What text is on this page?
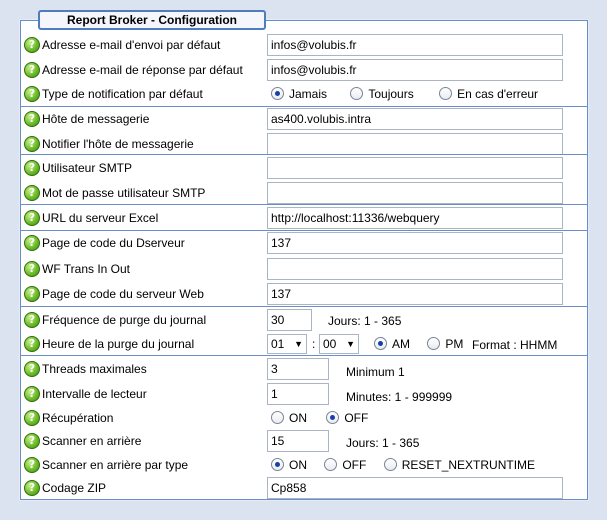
Report Broker - Configuration
? Adresse e-mail d'envoi par défaut	infos@volubis.fr
? Adresse e-mail de réponse par défaut	infos@volubis.fr
? Type de notification par défaut	Jamais	Toujours	En cas d'erreur
? Hôte de messagerie	as400.volubis.intra
? Notifier l'hôte de messagerie
? Utilisateur SMTP
? Mot de passe utilisateur SMTP
? URL du serveur Excel	http://localhost:11336/webquery
? Page de code du Dserveur	137
? WF Trans In Out
? Page de code du serveur Web	137
? Fréquence de purge du journal	30	Jours: 1 - 365
? Heure de la purge du journal	01 ▼ : 00 ▼	AM	PM Format : HHMM
? Threads maximales	3	Minimum 1
? Intervalle de lecteur	1	Minutes: 1 - 999999
? Récupération	ON	OFF
? Scanner en arrière	15	Jours: 1 - 365
? Scanner en arrière par type	ON	OFF	RESET_NEXTRUNTIME
? Codage ZIP	Cp858
